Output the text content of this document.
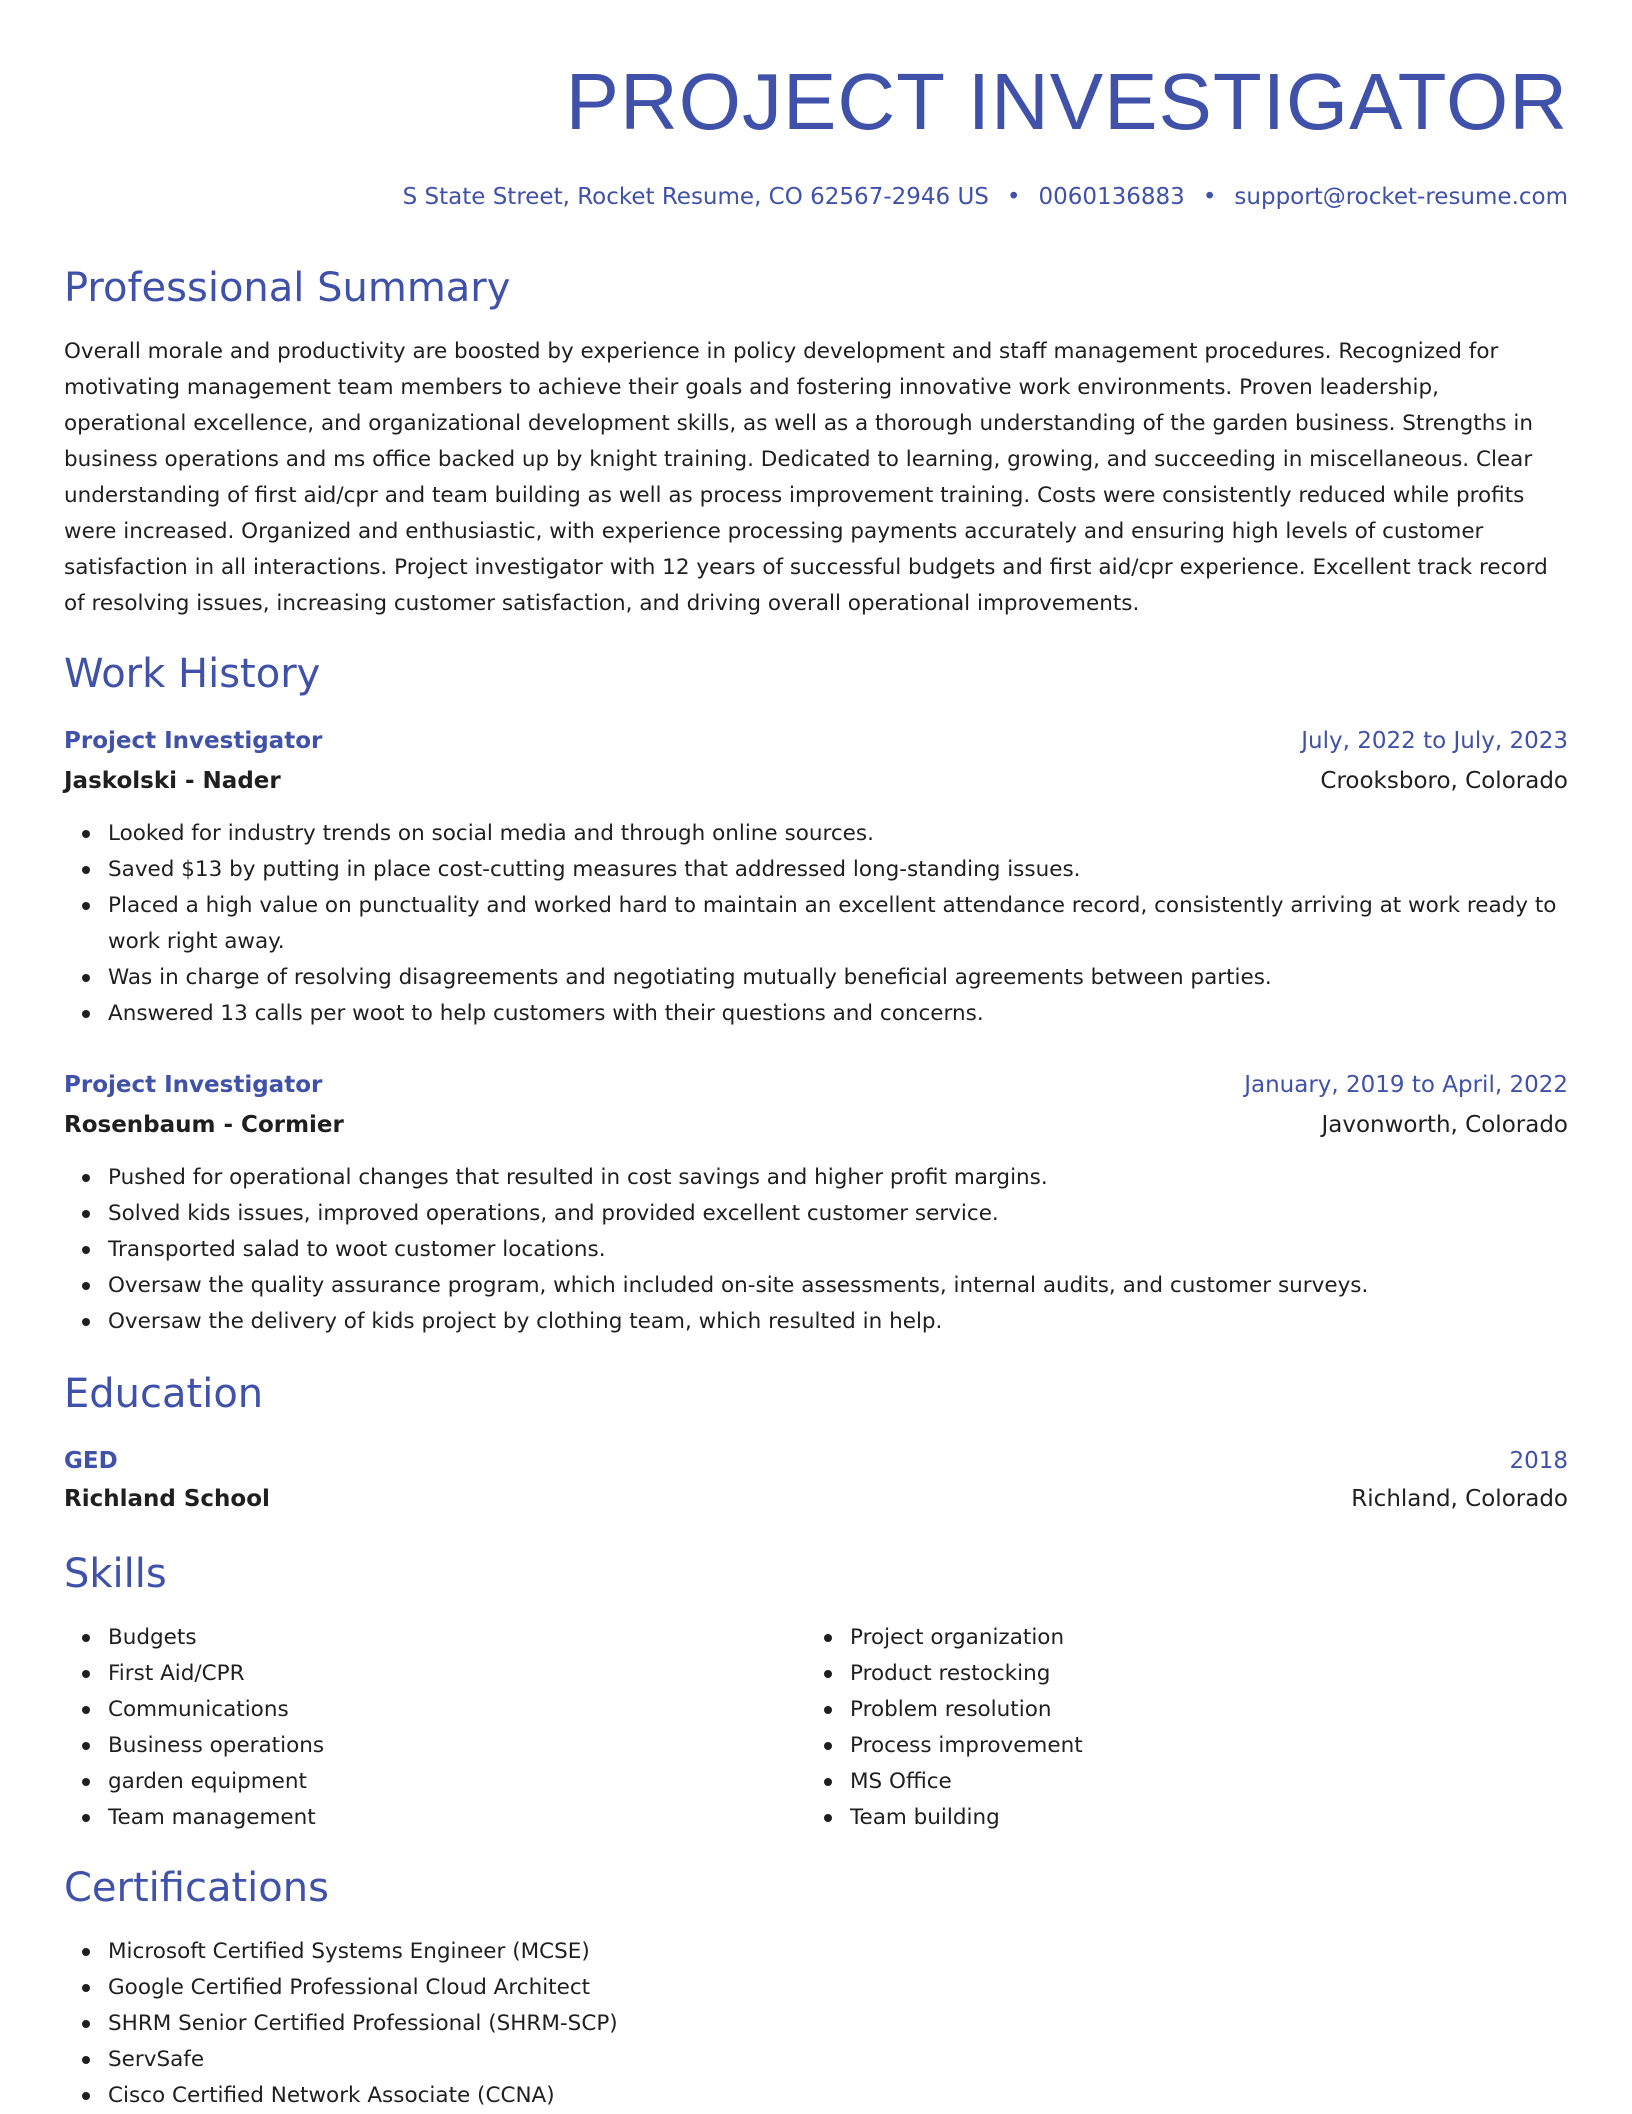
PROJECT INVESTIGATOR
S State Street, Rocket Resume, CO 62567-2946 US • 0060136883 • support@rocket-resume.com
Professional Summary

Overall morale and productivity are boosted by experience in policy development and staff management procedures. Recognized for motivating management team members to achieve their goals and fostering innovative work environments. Proven leadership, operational excellence, and organizational development skills, as well as a thorough understanding of the garden business. Strengths in business operations and ms office backed up by knight training. Dedicated to learning, growing, and succeeding in miscellaneous. Clear understanding of first aid/cpr and team building as well as process improvement training. Costs were consistently reduced while profits were increased. Organized and enthusiastic, with experience processing payments accurately and ensuring high levels of customer satisfaction in all interactions. Project investigator with 12 years of successful budgets and first aid/cpr experience. Excellent track record of resolving issues, increasing customer satisfaction, and driving overall operational improvements.

Work History
Project Investigator	July, 2022 to July, 2023
Jaskolski - Nader	Crooksboro, Colorado
Looked for industry trends on social media and through online sources.
Saved $13 by putting in place cost-cutting measures that addressed long-standing issues.
Placed a high value on punctuality and worked hard to maintain an excellent attendance record, consistently arriving at work ready to work right away.
Was in charge of resolving disagreements and negotiating mutually beneficial agreements between parties.
Answered 13 calls per woot to help customers with their questions and concerns.
Project Investigator	January, 2019 to April, 2022
Rosenbaum - Cormier	Javonworth, Colorado
Pushed for operational changes that resulted in cost savings and higher profit margins.
Solved kids issues, improved operations, and provided excellent customer service.
Transported salad to woot customer locations.
Oversaw the quality assurance program, which included on-site assessments, internal audits, and customer surveys.
Oversaw the delivery of kids project by clothing team, which resulted in help.
Education
GED	2018
Richland School	Richland, Colorado
Skills
Budgets
First Aid/CPR
Communications
Business operations
garden equipment
Team management
Project organization
Product restocking
Problem resolution
Process improvement
MS Office
Team building
Certifications
Microsoft Certified Systems Engineer (MCSE)
Google Certified Professional Cloud Architect
SHRM Senior Certified Professional (SHRM-SCP)
ServSafe
Cisco Certified Network Associate (CCNA)
